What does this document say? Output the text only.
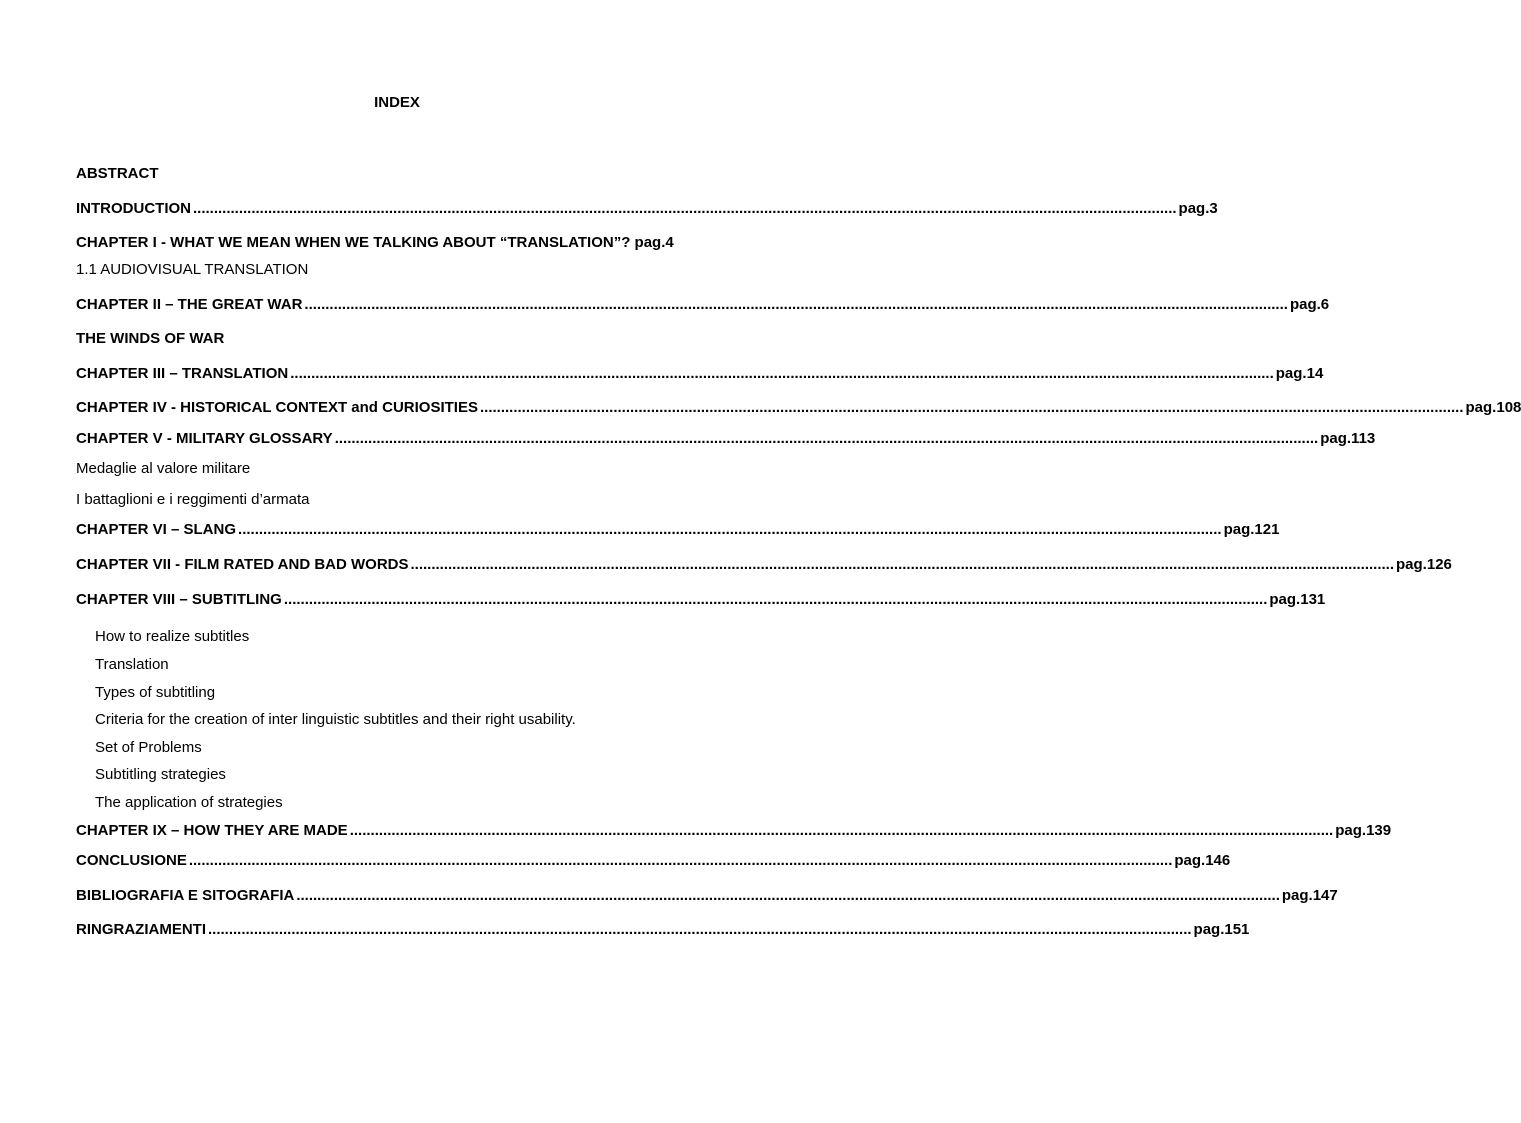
INDEX
ABSTRACT
INTRODUCTION ............................................................................................................................................................................................................................................ pag.3
CHAPTER I - WHAT WE MEAN WHEN WE TALKING ABOUT “TRANSLATION”? pag.4
1.1 AUDIOVISUAL TRANSLATION
CHAPTER II – THE GREAT WAR ............................................................................................................................................................................................................................................ pag.6
THE WINDS OF WAR
CHAPTER III – TRANSLATION ............................................................................................................................................................................................................................................ pag.14
CHAPTER IV - HISTORICAL CONTEXT and CURIOSITIES ............................................................................................................................................................................................................................................ pag.108
CHAPTER V - MILITARY GLOSSARY ............................................................................................................................................................................................................................................ pag.113
Medaglie al valore militare
I battaglioni e i reggimenti d’armata
CHAPTER VI – SLANG ............................................................................................................................................................................................................................................ pag.121
CHAPTER VII - FILM RATED AND BAD WORDS ............................................................................................................................................................................................................................................ pag.126
CHAPTER VIII – SUBTITLING ............................................................................................................................................................................................................................................ pag.131
How to realize subtitles
Translation
Types of subtitling
Criteria for the creation of inter linguistic subtitles and their right usability.
Set of Problems
Subtitling strategies
The application of strategies
CHAPTER IX – HOW THEY ARE MADE ............................................................................................................................................................................................................................................ pag.139
CONCLUSIONE ............................................................................................................................................................................................................................................ pag.146
BIBLIOGRAFIA E SITOGRAFIA ............................................................................................................................................................................................................................................ pag.147
RINGRAZIAMENTI ............................................................................................................................................................................................................................................ pag.151
